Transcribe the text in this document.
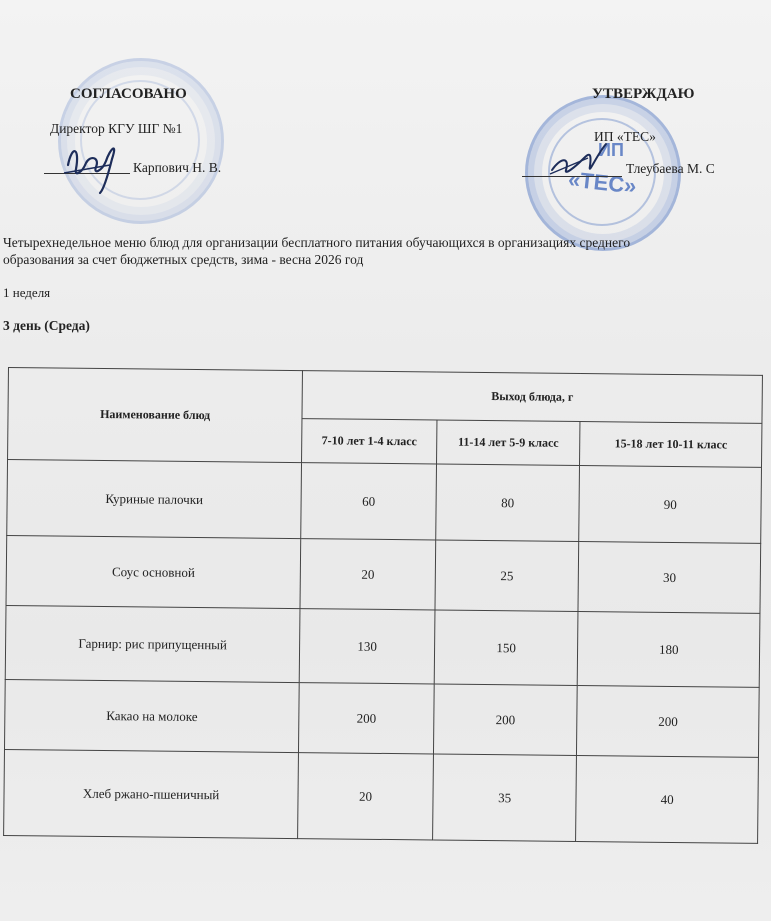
СОГЛАСОВАНО
Директор КГУ ШГ №1
Карпович Н. В.
ИП
«ТЕС»
УТВЕРЖДАЮ
ИП «ТЕС»
Тлеубаева М. С
Четырехнедельное меню блюд для организации бесплатного питания обучающихся в организациях среднего
образования за счет бюджетных средств, зима - весна 2026 год
1 неделя
3 день (Среда)
Наименование блюд	Выход блюда, г		
	7-10 лет 1-4 класс	11-14 лет 5-9 класс	15-18 лет 10-11 класс
Куриные палочки	60	80	90
Соус основной	20	25	30
Гарнир: рис припущенный	130	150	180
Какао на молоке	200	200	200
Хлеб ржано-пшеничный	20	35	40
